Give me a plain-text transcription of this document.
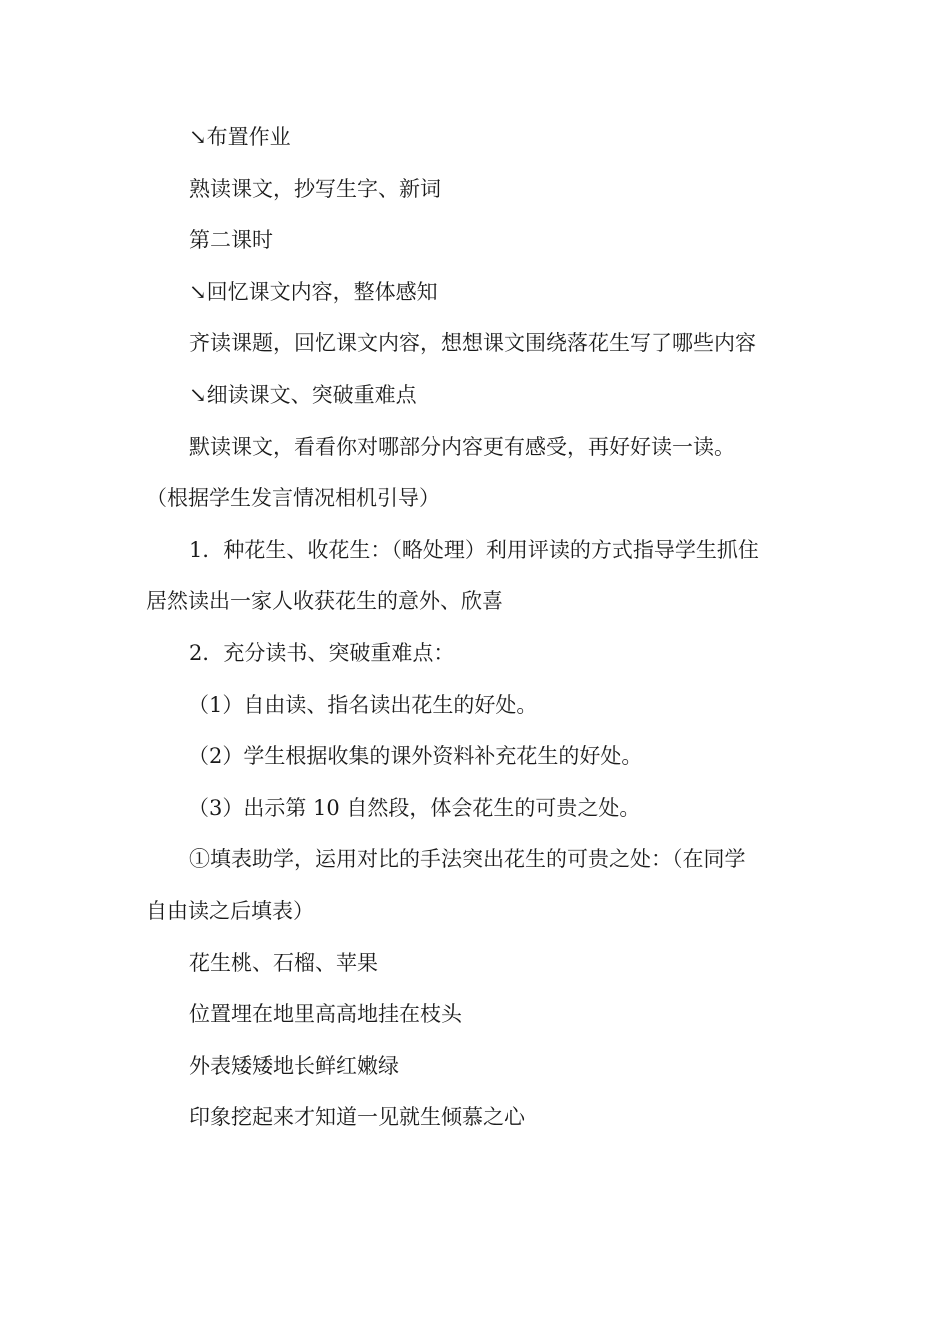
↘布置作业
熟读课文，抄写生字、新词
第二课时
↘回忆课文内容，整体感知
齐读课题，回忆课文内容，想想课文围绕落花生写了哪些内容
↘细读课文、突破重难点
默读课文，看看你对哪部分内容更有感受，再好好读一读。
（根据学生发言情况相机引导）
1．种花生、收花生：（略处理）利用评读的方式指导学生抓住
居然读出一家人收获花生的意外、欣喜
2．充分读书、突破重难点：
（1）自由读、指名读出花生的好处。
（2）学生根据收集的课外资料补充花生的好处。
（3）出示第 10 自然段，体会花生的可贵之处。
①填表助学，运用对比的手法突出花生的可贵之处：（在同学
自由读之后填表）
花生桃、石榴、苹果
位置埋在地里高高地挂在枝头
外表矮矮地长鲜红嫩绿
印象挖起来才知道一见就生倾慕之心
